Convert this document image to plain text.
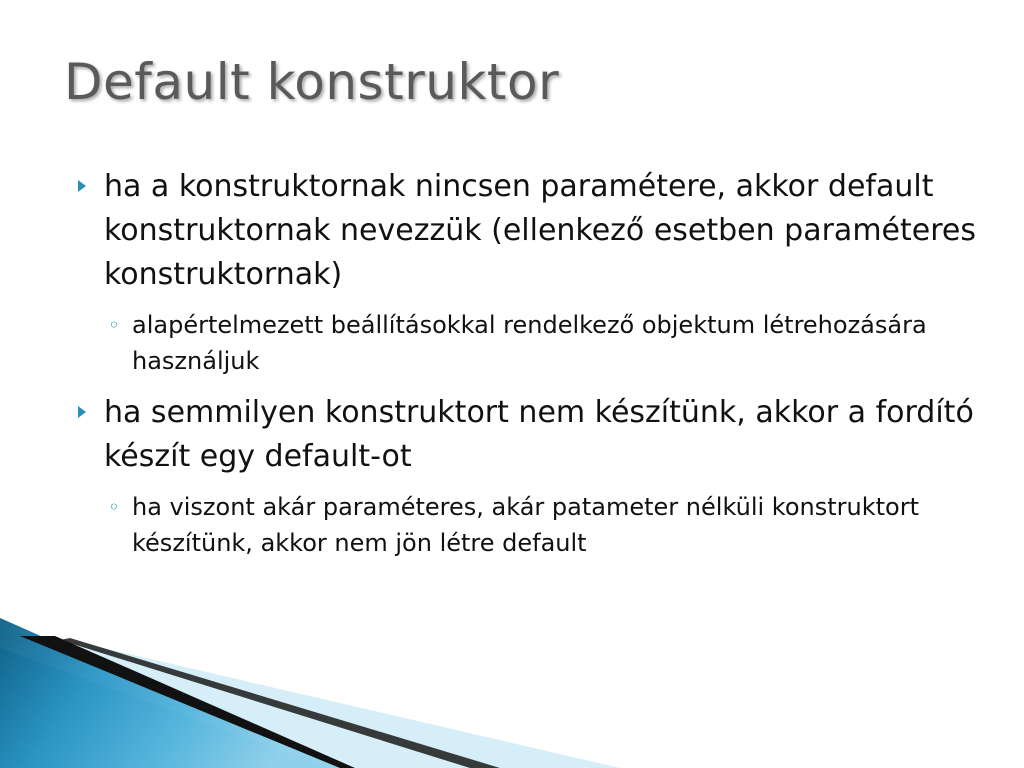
Default konstruktor
ha a konstruktornak nincsen paramétere, akkor default konstruktornak nevezzük (ellenkező esetben paraméteres konstruktornak)
◦ alapértelmezett beállításokkal rendelkező objektum létrehozására használjuk
ha semmilyen konstruktort nem készítünk, akkor a fordító készít egy default-ot
◦ ha viszont akár paraméteres, akár patameter nélküli konstruktort készítünk, akkor nem jön létre default
